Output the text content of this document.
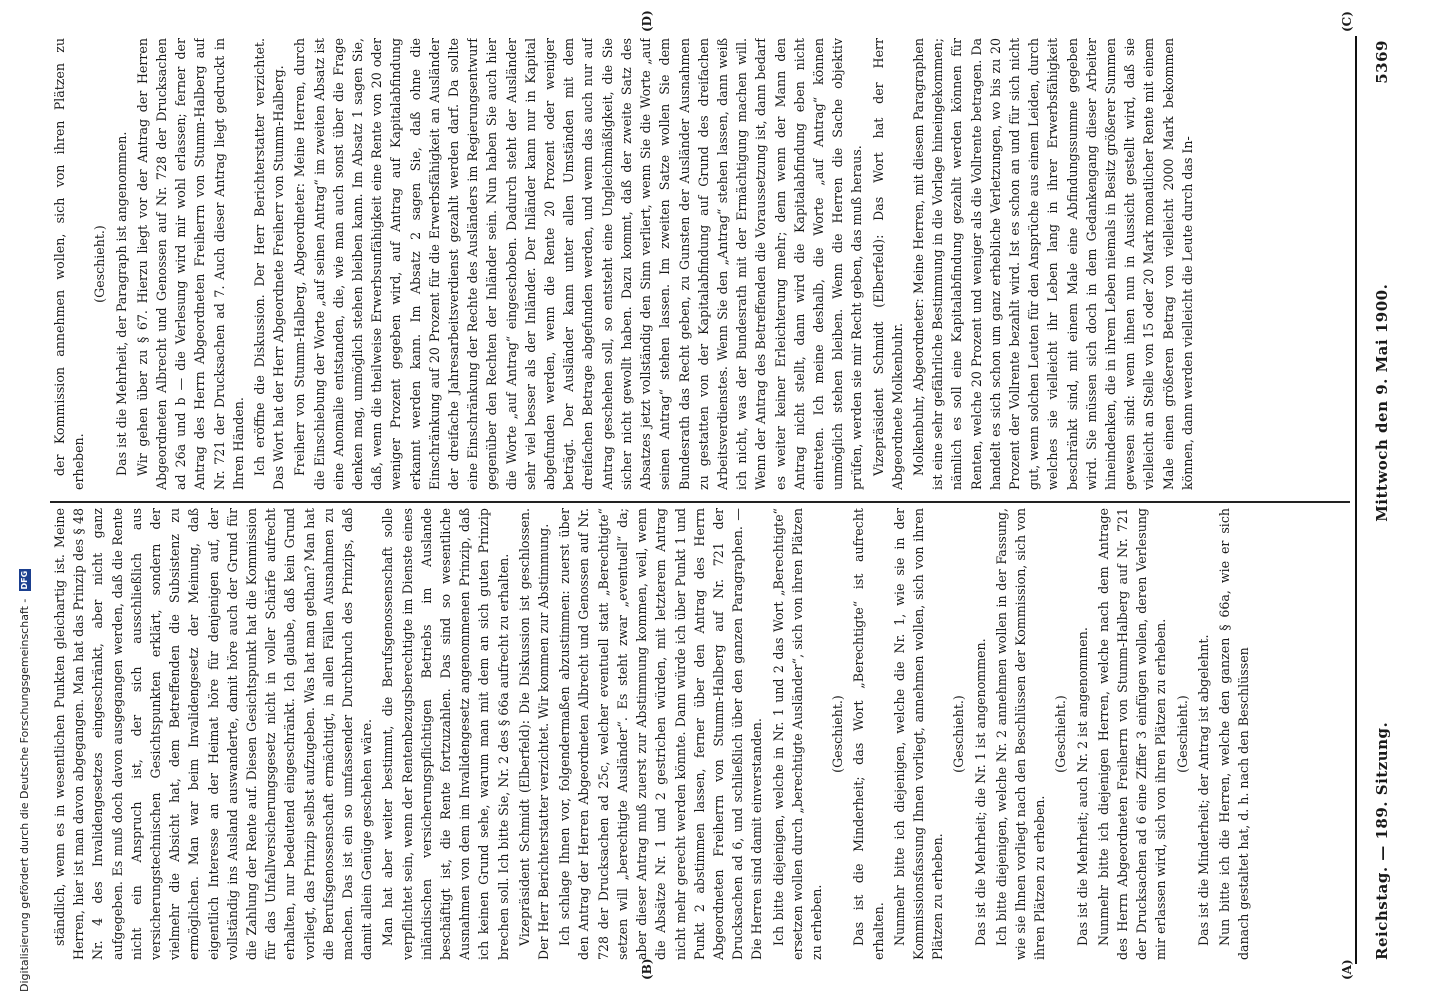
Reichstag. — 189. Sitzung.
Mittwoch den 9. Mai 1900.
5369
(A)
(B)
(C)
(D)

ständlich, wenn es in wesentlichen Punkten gleichartig ist. Meine Herren, hier ist man davon abgegangen. Man hat das Prinzip des § 48 Nr. 4 des Invalidengesetzes eingeschränkt, aber nicht ganz aufgegeben. Es muß doch davon ausgegangen werden, daß die Rente nicht ein Anspruch ist, der sich ausschließlich aus versicherungstechnischen Gesichtspunkten erklärt, sondern der vielmehr die Absicht hat, dem Betreffenden die Subsistenz zu ermöglichen. Man war beim Invalidengesetz der Meinung, daß eigentlich Interesse an der Heimat höre für denjenigen auf, der vollständig ins Ausland auswanderte, damit höre auch der Grund für die Zahlung der Rente auf. Diesen Gesichtspunkt hat die Kommission für das Unfallversicherungsgesetz nicht in voller Schärfe aufrecht erhalten, nur bedeutend eingeschränkt. Ich glaube, daß kein Grund vorliegt, das Prinzip selbst aufzugeben. Was hat man gethan? Man hat die Berufsgenossenschaft ermächtigt, in allen Fällen Ausnahmen zu machen. Das ist ein so umfassender Durchbruch des Prinzips, daß damit allein Genüge geschehen wäre. Man hat aber weiter bestimmt, die Berufsgenossenschaft solle verpflichtet sein, wenn der Rentenbezugsberechtigte im Dienste eines inländischen versicherungspflichtigen Betriebs im Auslande beschäftigt ist, die Rente fortzuzahlen. Das sind so wesentliche Ausnahmen von dem im Invalidengesetz angenommenen Prinzip, daß ich keinen Grund sehe, warum man mit dem an sich guten Prinzip brechen soll. Ich bitte Sie, Nr. 2 des § 66a aufrecht zu erhalten. Vizepräsident Schmidt (Elberfeld): Die Diskussion ist geschlossen. Der Herr Berichterstatter verzichtet. Wir kommen zur Abstimmung. Ich schlage Ihnen vor, folgendermaßen abzustimmen: zuerst über den Antrag der Herren Abgeordneten Albrecht und Genossen auf Nr. 728 der Drucksachen ad 25c, welcher eventuell statt „Berechtigte“ setzen will „berechtigte Ausländer“. Es steht zwar „eventuell“ da; aber dieser Antrag muß zuerst zur Abstimmung kommen, weil, wenn die Absätze Nr. 1 und 2 gestrichen würden, mit letzterem Antrag nicht mehr gerecht werden könnte. Dann würde ich über Punkt 1 und Punkt 2 abstimmen lassen, ferner über den Antrag des Herrn Abgeordneten Freiherrn von Stumm-Halberg auf Nr. 721 der Drucksachen ad 6, und schließlich über den ganzen Paragraphen. — Die Herren sind damit einverstanden. Ich bitte diejenigen, welche in Nr. 1 und 2 das Wort „Berechtigte“ ersetzen wollen durch „berechtigte Ausländer“, sich von ihren Plätzen zu erheben.

(Geschieht.) Das ist die Minderheit; das Wort „Berechtigte“ ist aufrecht erhalten. Nunmehr bitte ich diejenigen, welche die Nr. 1, wie sie in der Kommissionsfassung Ihnen vorliegt, annehmen wollen, sich von ihren Plätzen zu erheben.

(Geschieht.) Das ist die Mehrheit; die Nr. 1 ist angenommen. Ich bitte diejenigen, welche Nr. 2 annehmen wollen in der Fassung, wie sie Ihnen vorliegt nach den Beschlüssen der Kommission, sich von ihren Plätzen zu erheben.

(Geschieht.) Das ist die Mehrheit; auch Nr. 2 ist angenommen. Nunmehr bitte ich diejenigen Herren, welche nach dem Antrage des Herrn Abgeordneten Freiherrn von Stumm-Halberg auf Nr. 721 der Drucksachen ad 6 eine Ziffer 3 einfügen wollen, deren Verlesung mir erlassen wird, sich von ihren Plätzen zu erheben. (Geschieht.) Das ist die Minderheit; der Antrag ist abgelehnt. Nun bitte ich die Herren, welche den ganzen § 66a, wie er sich danach gestaltet hat, d. h. nach den Beschlüssen

der Kommission annehmen wollen, sich von ihren Plätzen zu erheben.

(Geschieht.) Das ist die Mehrheit, der Paragraph ist angenommen. Wir gehen über zu § 67. Hierzu liegt vor der Antrag der Herren Abgeordneten Albrecht und Genossen auf Nr. 728 der Drucksachen ad 26a und b — die Verlesung wird mir wohl erlassen; ferner der Antrag des Herrn Abgeordneten Freiherrn von Stumm-Halberg auf Nr. 721 der Drucksachen ad 7. Auch dieser Antrag liegt gedruckt in Ihren Händen. Ich eröffne die Diskussion. Der Herr Berichterstatter verzichtet. Das Wort hat der Herr Abgeordnete Freiherr von Stumm-Halberg. Freiherr von Stumm-Halberg, Abgeordneter: Meine Herren, durch die Einschiebung der Worte „auf seinen Antrag“ im zweiten Absatz ist eine Anomalie entstanden, die, wie man auch sonst über die Frage denken mag, unmöglich stehen bleiben kann. Im Absatz 1 sagen Sie, daß, wenn die theilweise Erwerbsunfähigkeit eine Rente von 20 oder weniger Prozent gegeben wird, auf Antrag auf Kapitalabfindung erkannt werden kann. Im Absatz 2 sagen Sie, daß ohne die Einschränkung auf 20 Prozent für die Erwerbsfähigkeit an Ausländer der dreifache Jahresarbeitsverdienst gezahlt werden darf. Da sollte eine Einschränkung der Rechte des Ausländers im Regierungsentwurf gegenüber den Rechten der Inländer sein. Nun haben Sie auch hier die Worte „auf Antrag“ eingeschoben. Dadurch steht der Ausländer sehr viel besser als der Inländer. Der Inländer kann nur in Kapital abgefunden werden, wenn die Rente 20 Prozent oder weniger beträgt. Der Ausländer kann unter allen Umständen mit dem dreifachen Betrage abgefunden werden, und wenn das auch nur auf Antrag geschehen soll, so entsteht eine Ungleichmäßigkeit, die Sie sicher nicht gewollt haben. Dazu kommt, daß der zweite Satz des Absatzes jetzt vollständig den Sinn verliert, wenn Sie die Worte „auf seinen Antrag“ stehen lassen. Im zweiten Satze wollen Sie dem Bundesrath das Recht geben, zu Gunsten der Ausländer Ausnahmen zu gestatten von der Kapitalabfindung auf Grund des dreifachen Arbeitsverdienstes. Wenn Sie den „Antrag“ stehen lassen, dann weiß ich nicht, was der Bundesrath mit der Ermächtigung machen will. Wenn der Antrag des Betreffenden die Voraussetzung ist, dann bedarf es weiter keiner Erleichterung mehr; denn wenn der Mann den Antrag nicht stellt, dann wird die Kapitalabfindung eben nicht eintreten. Ich meine deshalb, die Worte „auf Antrag“ können unmöglich stehen bleiben. Wenn die Herren die Sache objektiv prüfen, werden sie mir Recht geben, das muß heraus. Vizepräsident Schmidt (Elberfeld): Das Wort hat der Herr Abgeordnete Molkenbuhr. Molkenbuhr, Abgeordneter: Meine Herren, mit diesem Paragraphen ist eine sehr gefährliche Bestimmung in die Vorlage hineingekommen; nämlich es soll eine Kapitalabfindung gezahlt werden können für Renten, welche 20 Prozent und weniger als die Vollrente betragen. Da handelt es sich schon um ganz erhebliche Verletzungen, wo bis zu 20 Prozent der Vollrente bezahlt wird. Ist es schon an und für sich nicht gut, wenn solchen Leuten für den Ansprüche aus einem Leiden, durch welches sie vielleicht ihr Leben lang in ihrer Erwerbsfähigkeit beschränkt sind, mit einem Male eine Abfindungssumme gegeben wird. Sie müssen sich doch in dem Gedankengang dieser Arbeiter hineindenken, die in ihrem Leben niemals in Besitz größerer Summen gewesen sind: wenn ihnen nun in Aussicht gestellt wird, daß sie vielleicht an Stelle von 15 oder 20 Mark monatlicher Rente mit einem Male einen größeren Betrag von vielleicht 2000 Mark bekommen können, dann werden vielleicht die Leute durch das In-

Digitalisierung gefördert durch die Deutsche Forschungsgemeinschaft - DFG
